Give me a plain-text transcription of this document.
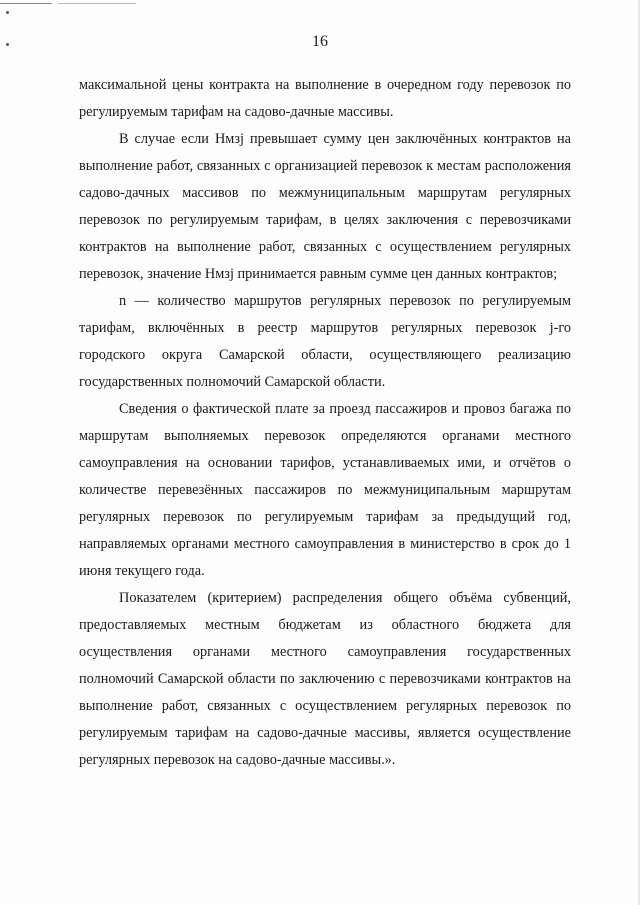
16

максимальной цены контракта на выполнение в очередном году перевозок по регулируемым тарифам на садово-дачные массивы.

В случае если Нмзj превышает сумму цен заключённых контрактов на выполнение работ, связанных с организацией перевозок к местам расположения садово-дачных массивов по межмуниципальным маршрутам регулярных перевозок по регулируемым тарифам, в целях заключения с перевозчиками контрактов на выполнение работ, связанных с осуществлением регулярных перевозок, значение Нмзj принимается равным сумме цен данных контрактов;

n — количество маршрутов регулярных перевозок по регулируемым тарифам, включённых в реестр маршрутов регулярных перевозок j-го городского округа Самарской области, осуществляющего реализацию государственных полномочий Самарской области.

Сведения о фактической плате за проезд пассажиров и провоз багажа по маршрутам выполняемых перевозок определяются органами местного самоуправления на основании тарифов, устанавливаемых ими, и отчётов о количестве перевезённых пассажиров по межмуниципальным маршрутам регулярных перевозок по регулируемым тарифам за предыдущий год, направляемых органами местного самоуправления в министерство в срок до 1 июня текущего года.

Показателем (критерием) распределения общего объёма субвенций, предоставляемых местным бюджетам из областного бюджета для осуществления органами местного самоуправления государственных полномочий Самарской области по заключению с перевозчиками контрактов на выполнение работ, связанных с осуществлением регулярных перевозок по регулируемым тарифам на садово-дачные массивы, является осуществление регулярных перевозок на садово-дачные массивы.».
